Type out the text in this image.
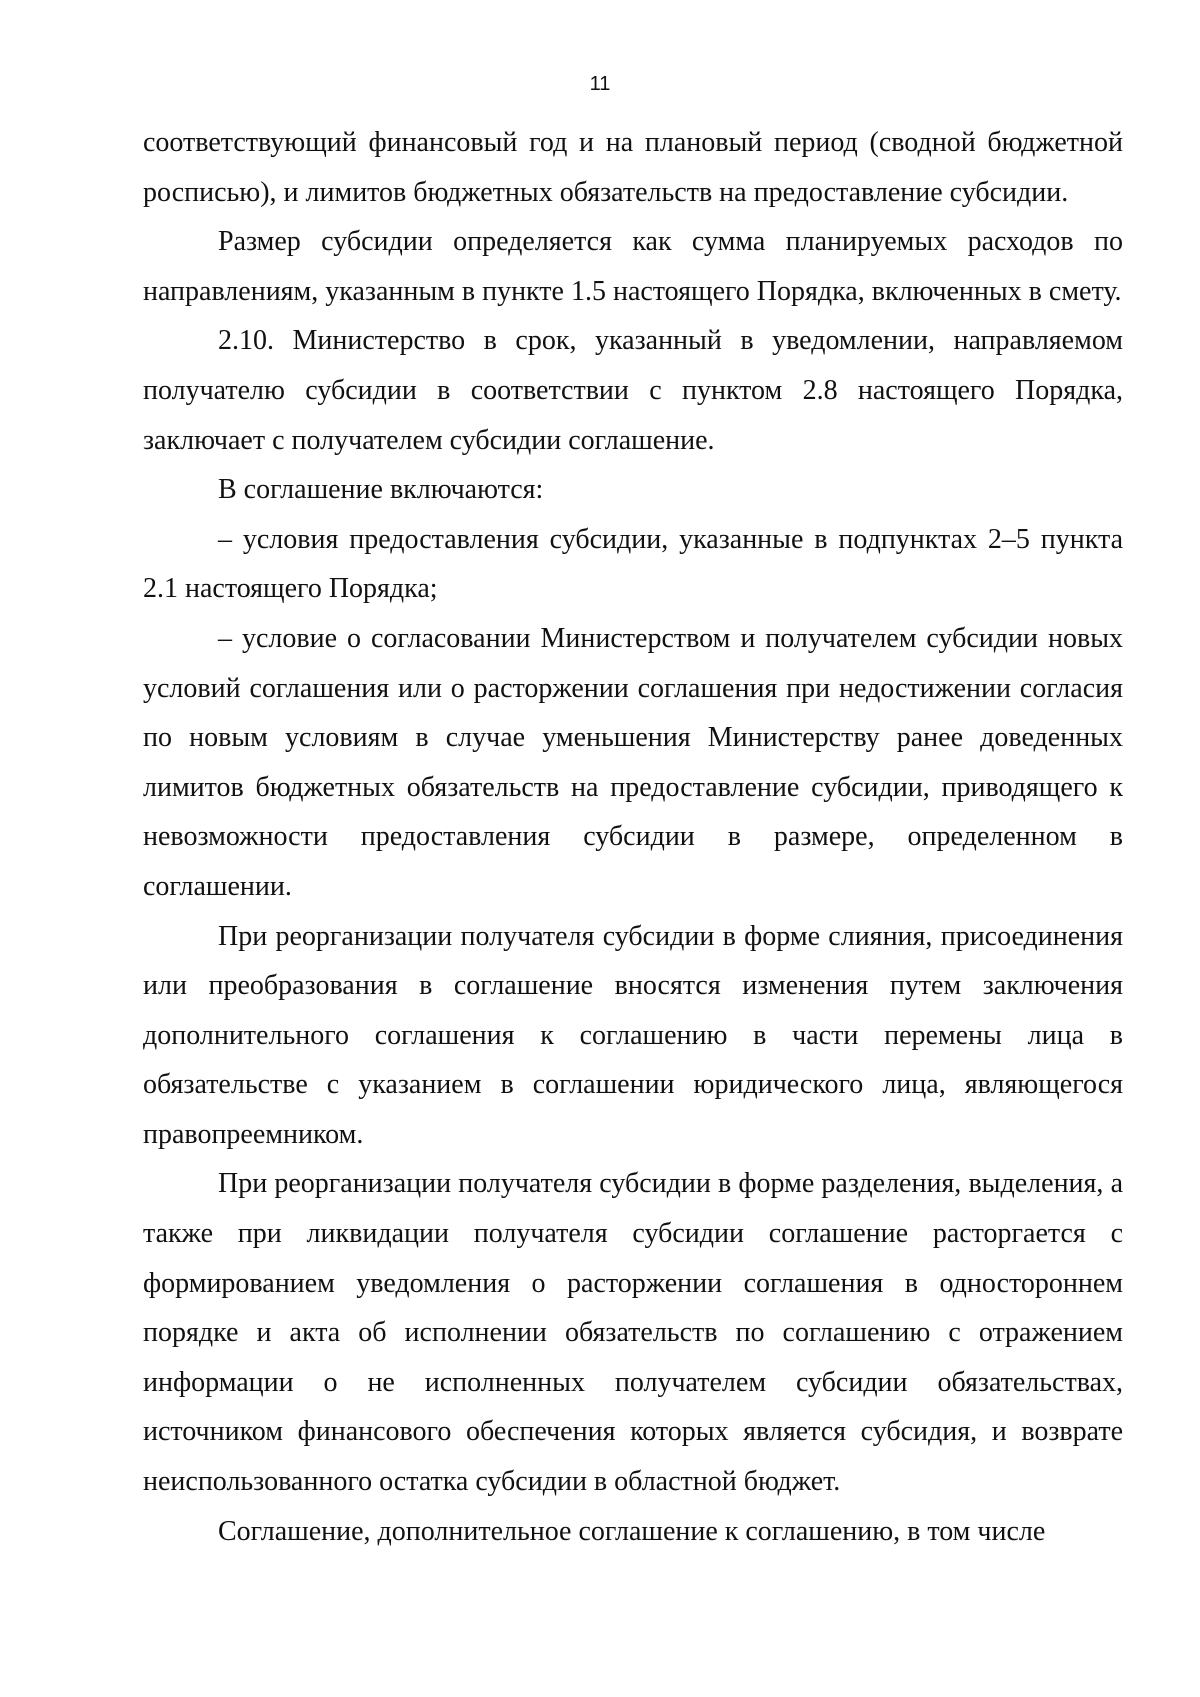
11

соответствующий финансовый год и на плановый период (сводной бюджетной росписью), и лимитов бюджетных обязательств на предоставление субсидии.

Размер субсидии определяется как сумма планируемых расходов по направлениям, указанным в пункте 1.5 настоящего Порядка, включенных в смету.

2.10. Министерство в срок, указанный в уведомлении, направляемом получателю субсидии в соответствии с пунктом 2.8 настоящего Порядка, заключает с получателем субсидии соглашение.

В соглашение включаются:

– условия предоставления субсидии, указанные в подпунктах 2–5 пункта 2.1 настоящего Порядка;

– условие о согласовании Министерством и получателем субсидии новых условий соглашения или о расторжении соглашения при недостижении согласия по новым условиям в случае уменьшения Министерству ранее доведенных лимитов бюджетных обязательств на предоставление субсидии, приводящего к невозможности предоставления субсидии в размере, определенном в соглашении.

При реорганизации получателя субсидии в форме слияния, присоединения или преобразования в соглашение вносятся изменения путем заключения дополнительного соглашения к соглашению в части перемены лица в обязательстве с указанием в соглашении юридического лица, являющегося правопреемником.

При реорганизации получателя субсидии в форме разделения, выделения, а также при ликвидации получателя субсидии соглашение расторгается с формированием уведомления о расторжении соглашения в одностороннем порядке и акта об исполнении обязательств по соглашению с отражением информации о не исполненных получателем субсидии обязательствах, источником финансового обеспечения которых является субсидия, и возврате неиспользованного остатка субсидии в областной бюджет.

Соглашение, дополнительное соглашение к соглашению, в том числе
